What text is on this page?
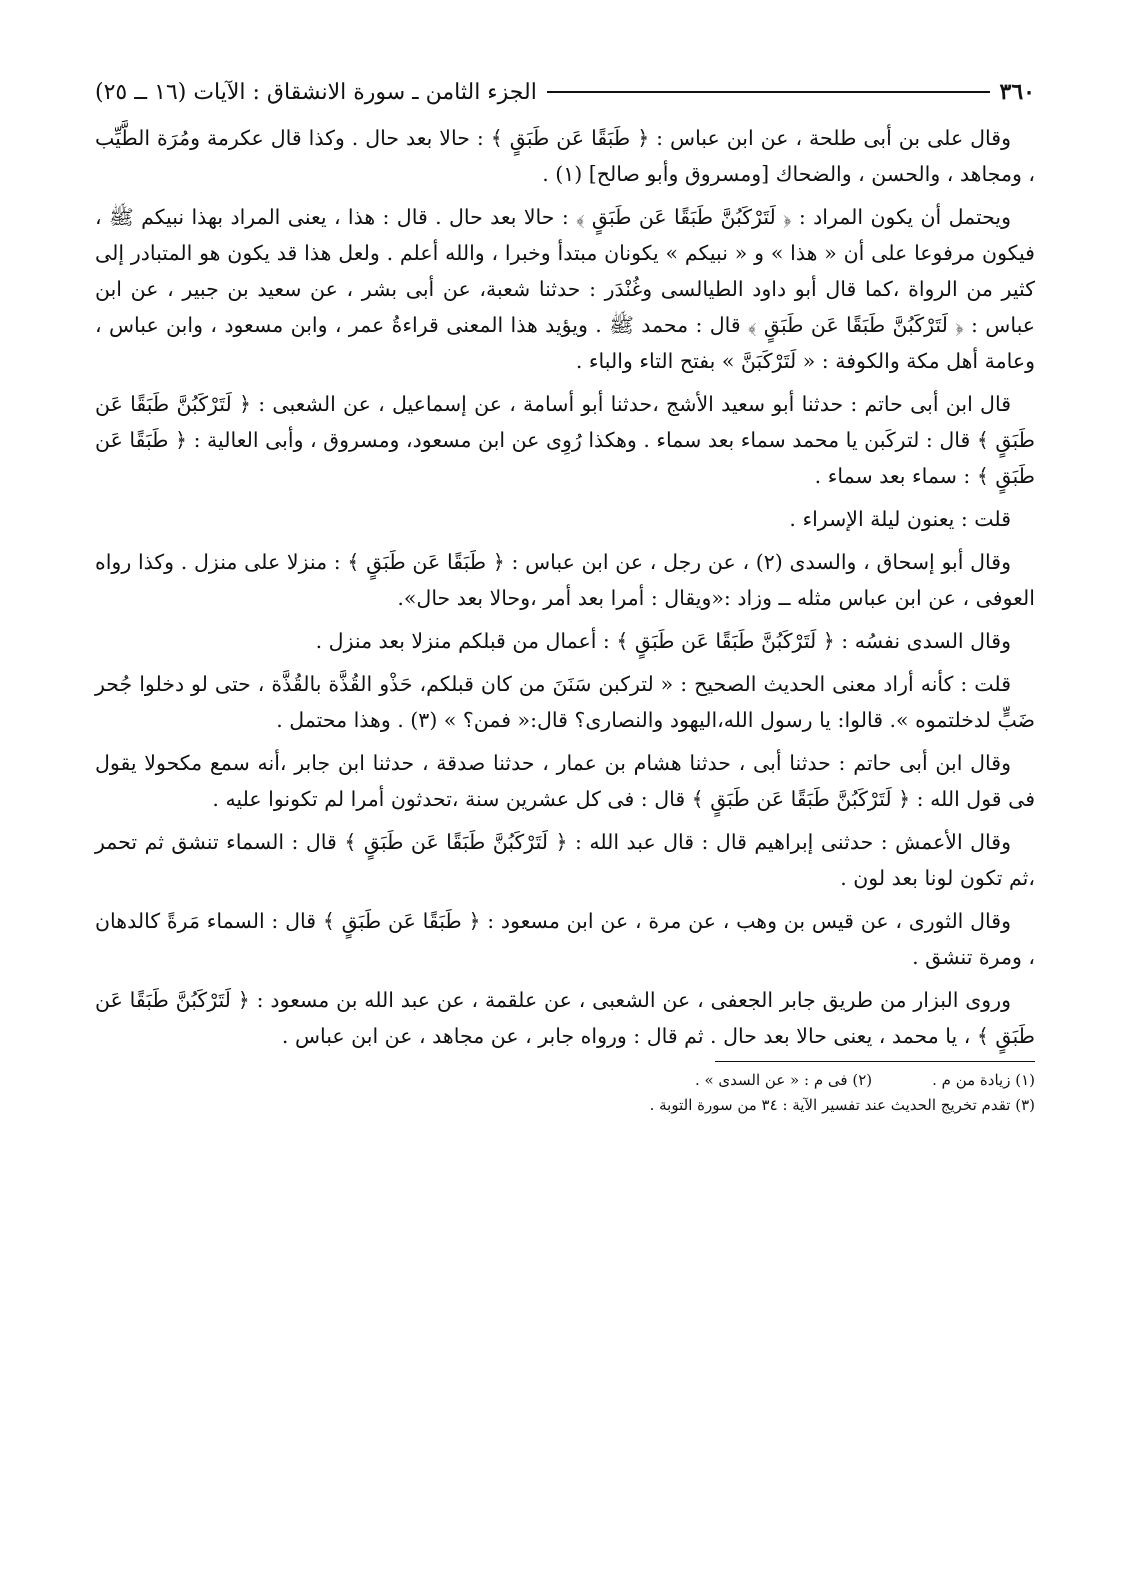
٣٦٠
الجزء الثامن ـ سورة الانشقاق : الآيات (١٦ ــ ٢٥)

وقال على بن أبى طلحة ، عن ابن عباس : ﴿ طَبَقًا عَن طَبَقٍ ﴾ : حالا بعد حال . وكذا قال عكرمة ومُرَة الطَّيِّب ، ومجاهد ، والحسن ، والضحاك [ومسروق وأبو صالح] (١) .

ويحتمل أن يكون المراد : ﴿ لَتَرْكَبُنَّ طَبَقًا عَن طَبَقٍ ﴾ : حالا بعد حال . قال : هذا ، يعنى المراد بهذا نبيكم ﷺ ، فيكون مرفوعا على أن « هذا » و « نبيكم » يكونان مبتدأ وخبرا ، والله أعلم . ولعل هذا قد يكون هو المتبادر إلى كثير من الرواة ،كما قال أبو داود الطيالسى وغُنْدَر : حدثنا شعبة، عن أبى بشر ، عن سعيد بن جبير ، عن ابن عباس : ﴿ لَتَرْكَبُنَّ طَبَقًا عَن طَبَقٍ ﴾ قال : محمد ﷺ . ويؤيد هذا المعنى قراءةُ عمر ، وابن مسعود ، وابن عباس ، وعامة أهل مكة والكوفة : « لَتَرْكَبَنَّ » بفتح التاء والباء .

قال ابن أبى حاتم : حدثنا أبو سعيد الأشج ،حدثنا أبو أسامة ، عن إسماعيل ، عن الشعبى : ﴿ لَتَرْكَبُنَّ طَبَقًا عَن طَبَقٍ ﴾ قال : لتركَبن يا محمد سماء بعد سماء . وهكذا رُوِى عن ابن مسعود، ومسروق ، وأبى العالية : ﴿ طَبَقًا عَن طَبَقٍ ﴾ : سماء بعد سماء .

قلت : يعنون ليلة الإسراء .

وقال أبو إسحاق ، والسدى (٢) ، عن رجل ، عن ابن عباس : ﴿ طَبَقًا عَن طَبَقٍ ﴾ : منزلا على منزل . وكذا رواه العوفى ، عن ابن عباس مثله ــ وزاد :«ويقال : أمرا بعد أمر ،وحالا بعد حال».

وقال السدى نفسُه : ﴿ لَتَرْكَبُنَّ طَبَقًا عَن طَبَقٍ ﴾ : أعمال من قبلكم منزلا بعد منزل .

قلت : كأنه أراد معنى الحديث الصحيح : « لتركبن سَنَنَ من كان قبلكم، حَذْو القُذَّة بالقُذَّة ، حتى لو دخلوا جُحر ضَبٍّ لدخلتموه ». قالوا: يا رسول الله،اليهود والنصارى؟ قال:« فمن؟ » (٣) . وهذا محتمل .

وقال ابن أبى حاتم : حدثنا أبى ، حدثنا هشام بن عمار ، حدثنا صدقة ، حدثنا ابن جابر ،أنه سمع مكحولا يقول فى قول الله : ﴿ لَتَرْكَبُنَّ طَبَقًا عَن طَبَقٍ ﴾ قال : فى كل عشرين سنة ،تحدثون أمرا لم تكونوا عليه .

وقال الأعمش : حدثنى إبراهيم قال : قال عبد الله : ﴿ لَتَرْكَبُنَّ طَبَقًا عَن طَبَقٍ ﴾ قال : السماء تنشق ثم تحمر ،ثم تكون لونا بعد لون .

وقال الثورى ، عن قيس بن وهب ، عن مرة ، عن ابن مسعود : ﴿ طَبَقًا عَن طَبَقٍ ﴾ قال : السماء مَرةً كالدهان ، ومرة تنشق .

وروى البزار من طريق جابر الجعفى ، عن الشعبى ، عن علقمة ، عن عبد الله بن مسعود : ﴿ لَتَرْكَبُنَّ طَبَقًا عَن طَبَقٍ ﴾ ، يا محمد ، يعنى حالا بعد حال . ثم قال : ورواه جابر ، عن مجاهد ، عن ابن عباس .

(١) زيادة من م .
(٢) فى م : « عن السدى » .
(٣) تقدم تخريج الحديث عند تفسير الآية : ٣٤ من سورة التوبة .
